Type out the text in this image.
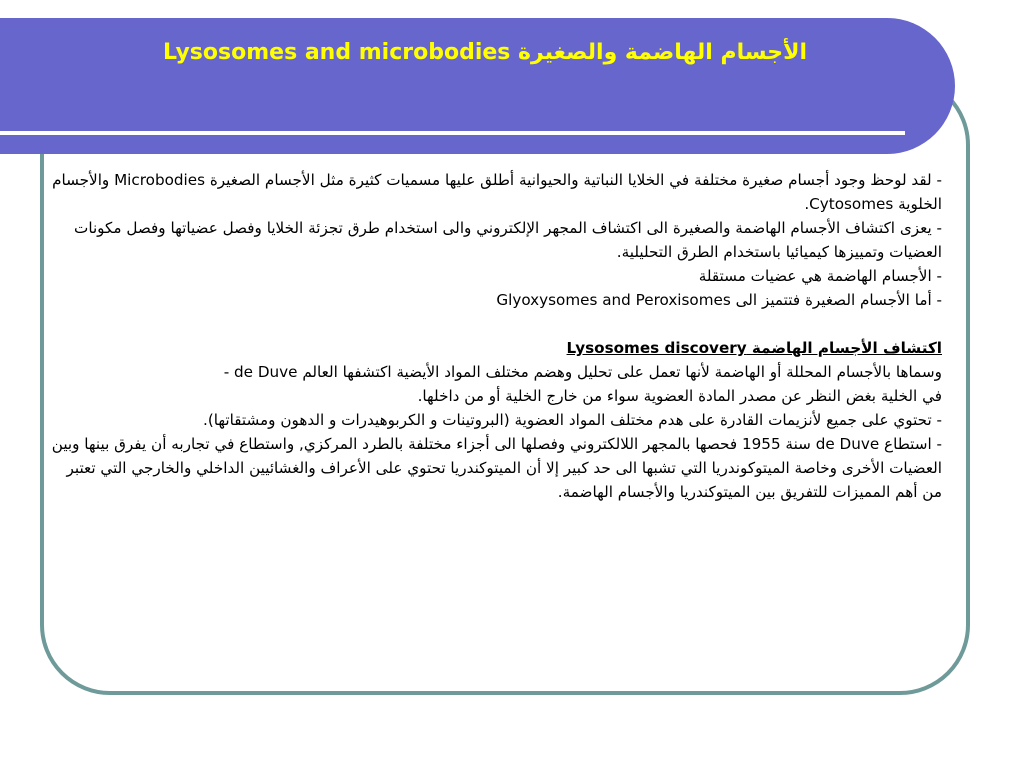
Lysosomes and microbodies الأجسام الهاضمة والصغيرة

- لقد لوحظ وجود أجسام صغيرة مختلفة في الخلايا النباتية والحيوانية أطلق عليها مسميات كثيرة مثل الأجسام الصغيرة Microbodies والأجسام الخلوية Cytosomes.

- يعزى اكتشاف الأجسام الهاضمة والصغيرة الى اكتشاف المجهر الإلكتروني والى استخدام طرق تجزئة الخلايا وفصل عضياتها وفصل مكونات العضيات وتمييزها كيميائيا باستخدام الطرق التحليلية.

- الأجسام الهاضمة هي عضيات مستقلة

- أما الأجسام الصغيرة فتتميز الى Glyoxysomes and Peroxisomes

اكتشاف الأجسام الهاضمة Lysosomes discovery

- de Duve وسماها بالأجسام المحللة أو الهاضمة لأنها تعمل على تحليل وهضم مختلف المواد الأيضية اكتشفها العالم

في الخلية بغض النظر عن مصدر المادة العضوية سواء من خارج الخلية أو من داخلها.

- تحتوي على جميع لأنزيمات القادرة على هدم مختلف المواد العضوية (البروتينات و الكربوهيدرات و الدهون ومشتقاتها).

- استطاع de Duve سنة 1955 فحصها بالمجهر اللالكتروني وفصلها الى أجزاء مختلفة بالطرد المركزي, واستطاع في تجاربه أن يفرق بينها وبين العضيات الأخرى وخاصة الميتوكوندريا التي تشبها الى حد كبير إلا أن الميتوكندريا تحتوي على الأعراف والغشائيين الداخلي والخارجي التي تعتبر من أهم المميزات للتفريق بين الميتوكندريا والأجسام الهاضمة.
